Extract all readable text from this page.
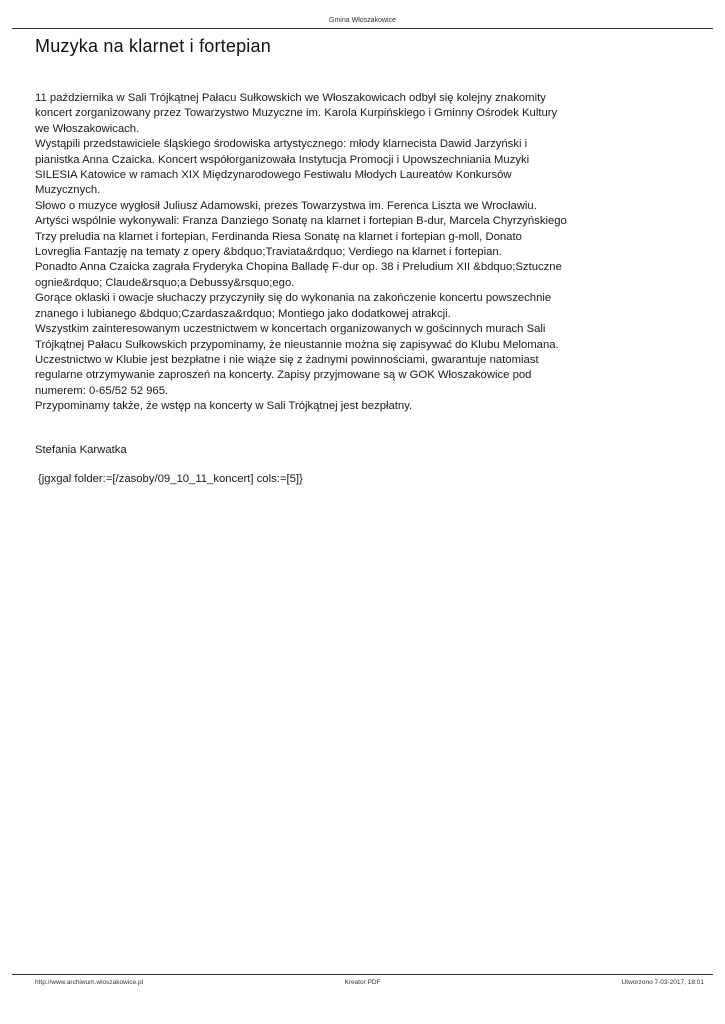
Gmina Włoszakowice
Muzyka na klarnet i fortepian

11 października w Sali Trójkątnej Pałacu Sułkowskich we Włoszakowicach odbył się kolejny znakomity koncert zorganizowany przez Towarzystwo Muzyczne im. Karola Kurpińskiego i Gminny Ośrodek Kultury we Włoszakowicach.

Wystąpili przedstawiciele śląskiego środowiska artystycznego: młody klarnecista Dawid Jarzyński i pianistka Anna Czaicka. Koncert współorganizowała Instytucja Promocji i Upowszechniania Muzyki SILESIA Katowice w ramach XIX Międzynarodowego Festiwalu Młodych Laureatów Konkursów Muzycznych.

Słowo o muzyce wygłosił Juliusz Adamowski, prezes Towarzystwa im. Ferenca Liszta we Wrocławiu.

Artyści wspólnie wykonywali: Franza Danziego Sonatę na klarnet i fortepian B-dur, Marcela Chyrzyńskiego Trzy preludia na klarnet i fortepian, Ferdinanda Riesa Sonatę na klarnet i fortepian g-moll, Donato Lovreglia Fantazję na tematy z opery &bdquo;Traviata&rdquo; Verdiego na klarnet i fortepian.

Ponadto Anna Czaicka zagrała Fryderyka Chopina Balladę F-dur op. 38 i Preludium XII &bdquo;Sztuczne ognie&rdquo; Claude&rsquo;a Debussy&rsquo;ego.

Gorące oklaski i owacje słuchaczy przyczyniły się do wykonania na zakończenie koncertu powszechnie znanego i lubianego &bdquo;Czardasza&rdquo; Montiego jako dodatkowej atrakcji.

Wszystkim zainteresowanym uczestnictwem w koncertach organizowanych w gościnnych murach Sali Trójkątnej Pałacu Sułkowskich przypominamy, że nieustannie można się zapisywać do Klubu Melomana. Uczestnictwo w Klubie jest bezpłatne i nie wiąże się z żadnymi powinnościami, gwarantuje natomiast regularne otrzymywanie zaproszeń na koncerty. Zapisy przyjmowane są w GOK Włoszakowice pod numerem: 0-65/52 52 965.

Przypominamy także, że wstęp na koncerty w Sali Trójkątnej jest bezpłatny.

Stefania Karwatka
{jgxgal folder:=[/zasoby/09_10_11_koncert] cols:=[5]}
http://www.archiwum.wloszakowice.pl	Kreator PDF	Utworzono 7-03-2017, 18:01
